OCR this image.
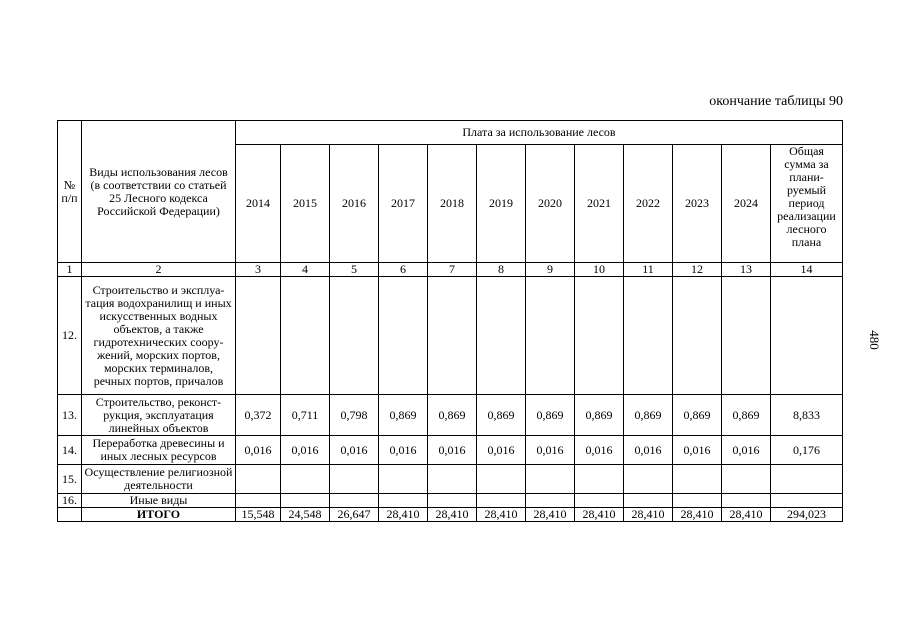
окончание таблицы 90
480
№ п/п	Виды использования лесов (в соответствии со статьей 25 Лесного кодекса Российской Федерации)	Плата за использование лесов											
		2014	2015	2016	2017	2018	2019	2020	2021	2022	2023	2024	Общая сумма за плани-руемый период реализации лесного плана
1	2	3	4	5	6	7	8	9	10	11	12	13	14
12.	Строительство и эксплуа-тация водохранилищ и иных искусственных водных объектов, а также гидротехнических соору-жений, морских портов, морских терминалов, речных портов, причалов												
13.	Строительство, реконст-рукция, эксплуатация линейных объектов	0,372	0,711	0,798	0,869	0,869	0,869	0,869	0,869	0,869	0,869	0,869	8,833
14.	Переработка древесины и иных лесных ресурсов	0,016	0,016	0,016	0,016	0,016	0,016	0,016	0,016	0,016	0,016	0,016	0,176
15.	Осуществление религиозной деятельности												
16.	Иные виды												
	ИТОГО	15,548	24,548	26,647	28,410	28,410	28,410	28,410	28,410	28,410	28,410	28,410	294,023
